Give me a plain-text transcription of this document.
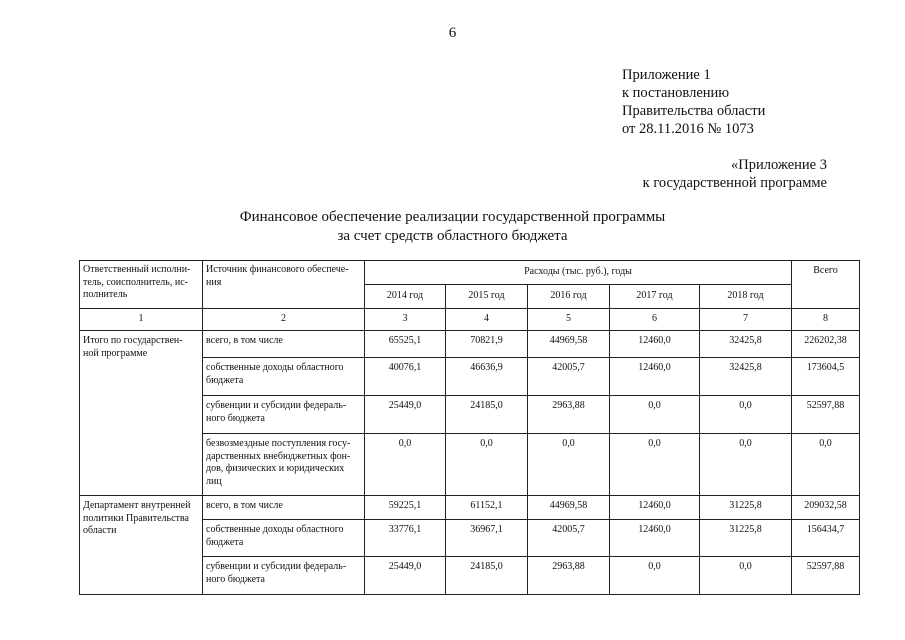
6
Приложение 1
к постановлению
Правительства области
от 28.11.2016 № 1073
«Приложение 3
к государственной программе
Финансовое обеспечение реализации государственной программы
за счет средств областного бюджета
Ответственный исполни- тель, соисполнитель, ис- полнитель	Источник финансового обеспече- ния	Расходы (тыс. руб.), годы					Всего
		2014 год	2015 год	2016 год	2017 год	2018 год	
1	2	3	4	5	6	7	8
Итого по государствен- ной программе	всего, в том числе	65525,1	70821,9	44969,58	12460,0	32425,8	226202,38
	собственные доходы областного бюджета	40076,1	46636,9	42005,7	12460,0	32425,8	173604,5
	субвенции и субсидии федераль- ного бюджета	25449,0	24185,0	2963,88	0,0	0,0	52597,88
	безвозмездные поступления госу- дарственных внебюджетных фон- дов, физических и юридических лиц	0,0	0,0	0,0	0,0	0,0	0,0
Департамент внутренней политики Правительства области	всего, в том числе	59225,1	61152,1	44969,58	12460,0	31225,8	209032,58
	собственные доходы областного бюджета	33776,1	36967,1	42005,7	12460,0	31225,8	156434,7
	субвенции и субсидии федераль- ного бюджета	25449,0	24185,0	2963,88	0,0	0,0	52597,88
